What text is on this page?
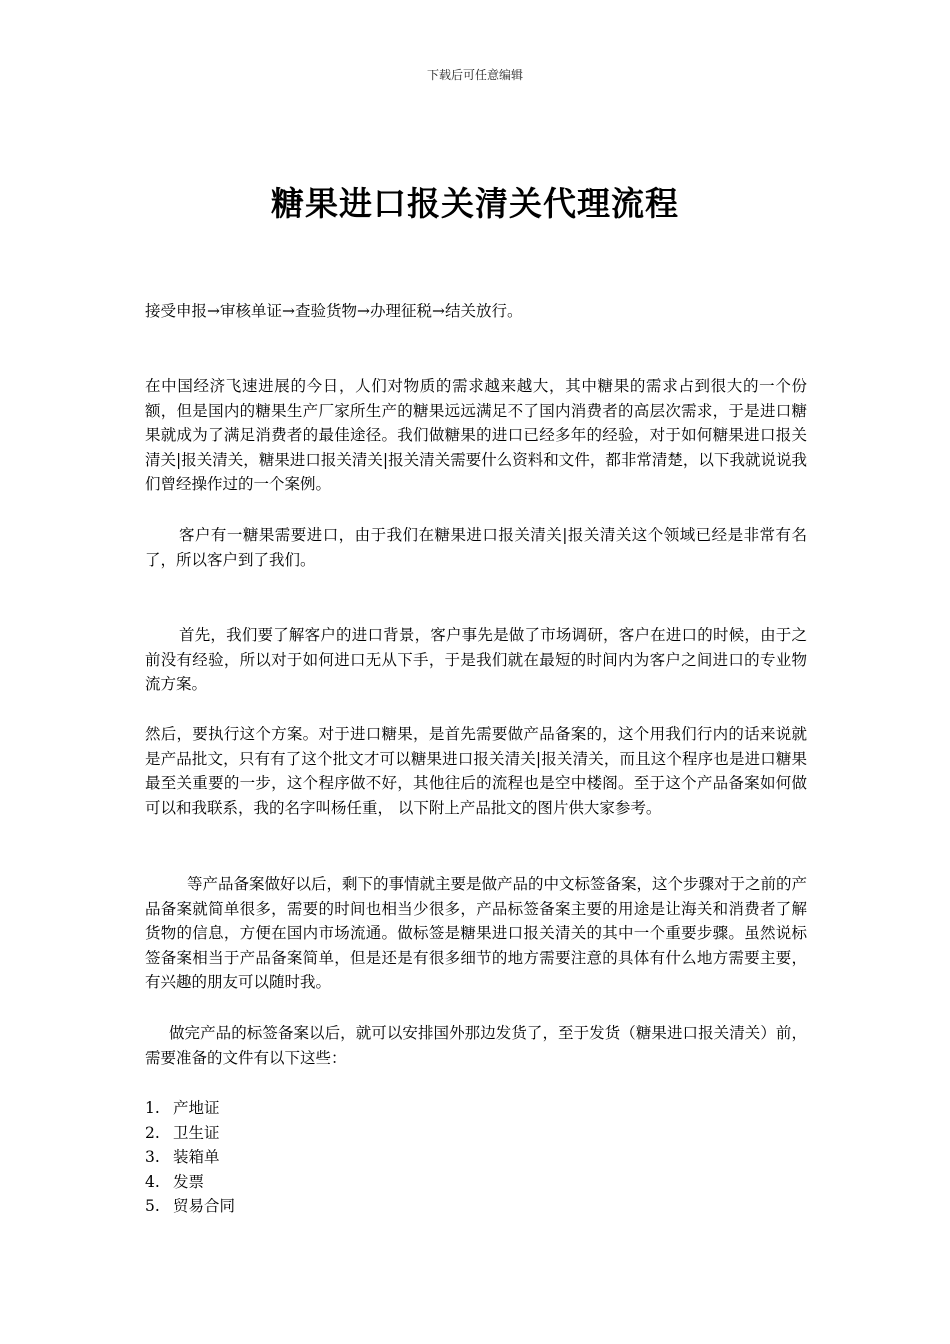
下载后可任意编辑
糖果进口报关清关代理流程
接受申报→审核单证→查验货物→办理征税→结关放行。
在中国经济飞速进展的今日，人们对物质的需求越来越大，其中糖果的需求占到很大的一个份额，但是国内的糖果生产厂家所生产的糖果远远满足不了国内消费者的高层次需求，于是进口糖果就成为了满足消费者的最佳途径。我们做糖果的进口已经多年的经验，对于如何糖果进口报关清关|报关清关，糖果进口报关清关|报关清关需要什么资料和文件，都非常清楚，以下我就说说我们曾经操作过的一个案例。
客户有一糖果需要进口，由于我们在糖果进口报关清关|报关清关这个领域已经是非常有名了，所以客户到了我们。
首先，我们要了解客户的进口背景，客户事先是做了市场调研，客户在进口的时候，由于之前没有经验，所以对于如何进口无从下手，于是我们就在最短的时间内为客户之间进口的专业物流方案。
然后，要执行这个方案。对于进口糖果，是首先需要做产品备案的，这个用我们行内的话来说就是产品批文，只有有了这个批文才可以糖果进口报关清关|报关清关，而且这个程序也是进口糖果最至关重要的一步，这个程序做不好，其他往后的流程也是空中楼阁。至于这个产品备案如何做可以和我联系，我的名字叫杨任重， 以下附上产品批文的图片供大家参考。
等产品备案做好以后，剩下的事情就主要是做产品的中文标签备案，这个步骤对于之前的产品备案就简单很多，需要的时间也相当少很多，产品标签备案主要的用途是让海关和消费者了解货物的信息，方便在国内市场流通。做标签是糖果进口报关清关的其中一个重要步骤。虽然说标签备案相当于产品备案简单，但是还是有很多细节的地方需要注意的具体有什么地方需要主要，有兴趣的朋友可以随时我。
做完产品的标签备案以后，就可以安排国外那边发货了，至于发货（糖果进口报关清关）前，需要准备的文件有以下这些：
1. 产地证
2. 卫生证
3. 装箱单
4. 发票
5. 贸易合同
